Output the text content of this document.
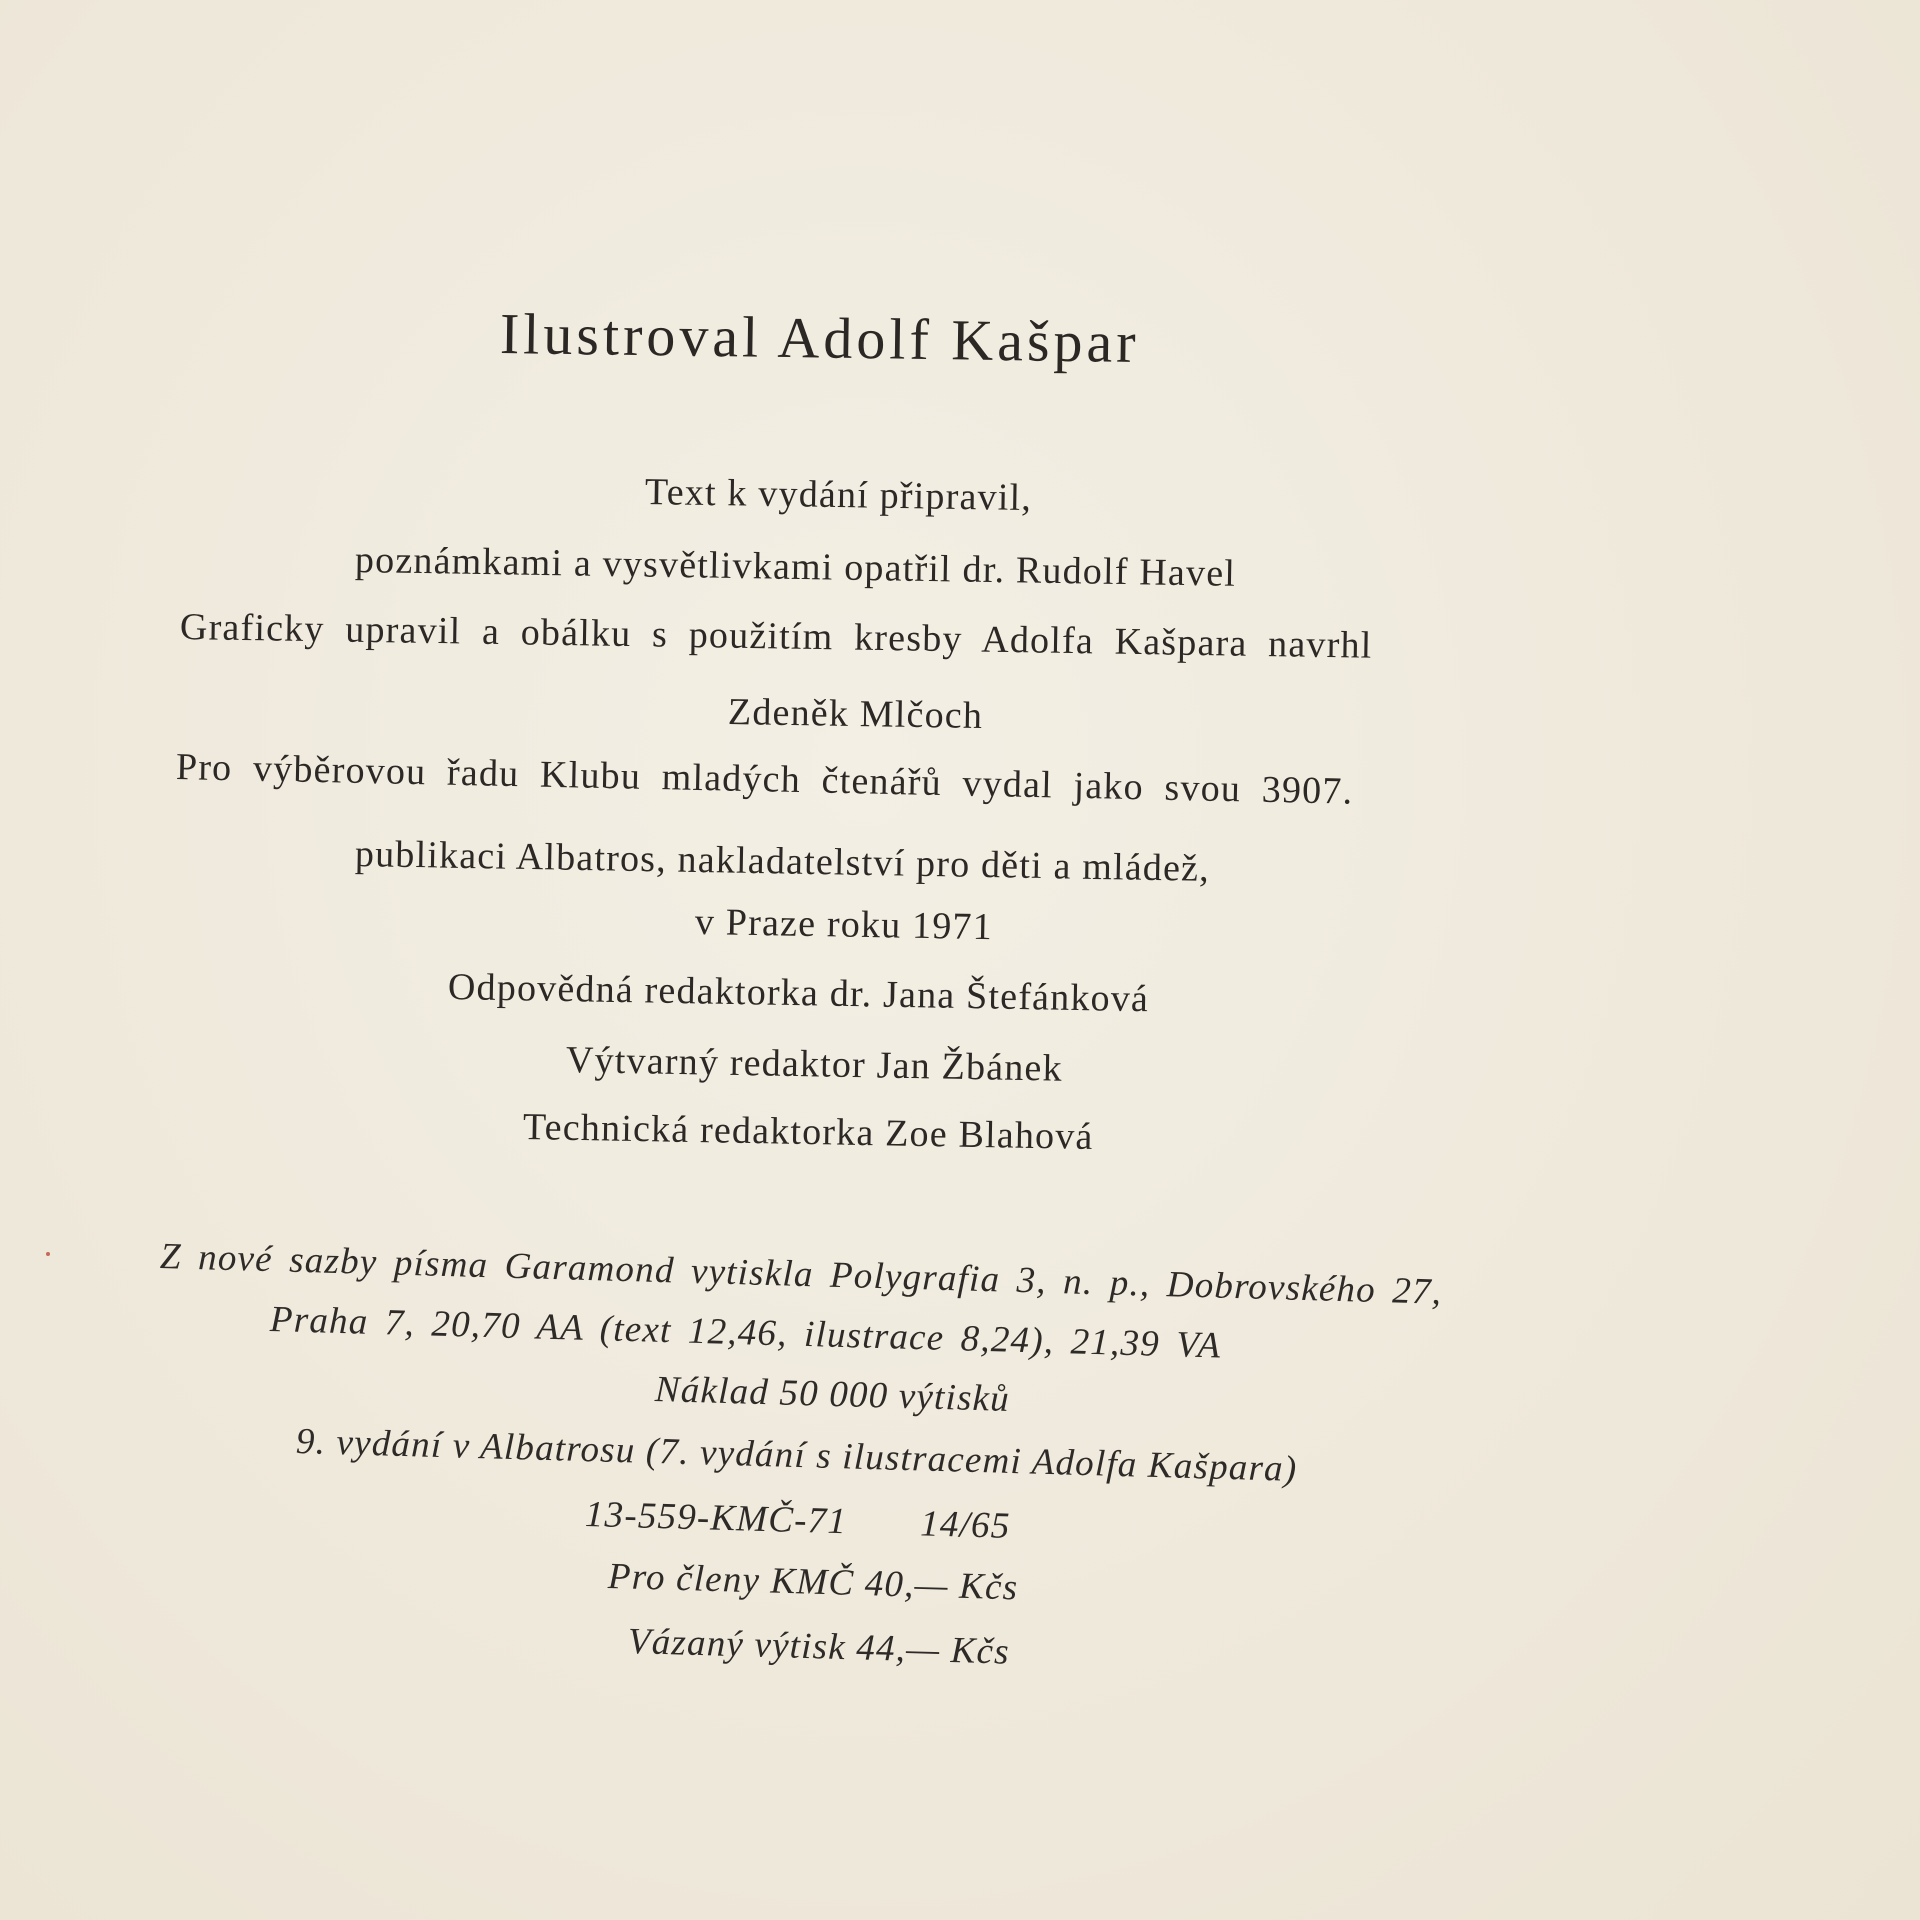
Ilustroval Adolf Kašpar
Text k vydání připravil,
poznámkami a vysvětlivkami opatřil dr. Rudolf Havel
Graficky upravil a obálku s použitím kresby Adolfa Kašpara navrhl
Zdeněk Mlčoch
Pro výběrovou řadu Klubu mladých čtenářů vydal jako svou 3907.
publikaci Albatros, nakladatelství pro děti a mládež,
v Praze roku 1971
Odpovědná redaktorka dr. Jana Štefánková
Výtvarný redaktor Jan Žbánek
Technická redaktorka Zoe Blahová
Z nové sazby písma Garamond vytiskla Polygrafia 3, n. p., Dobrovského 27,
Praha 7, 20,70 AA (text 12,46, ilustrace 8,24), 21,39 VA
Náklad 50 000 výtisků
9. vydání v Albatrosu (7. vydání s ilustracemi Adolfa Kašpara)
13-559-KMČ-71       14/65
Pro členy KMČ 40,— Kčs
Vázaný výtisk 44,— Kčs
